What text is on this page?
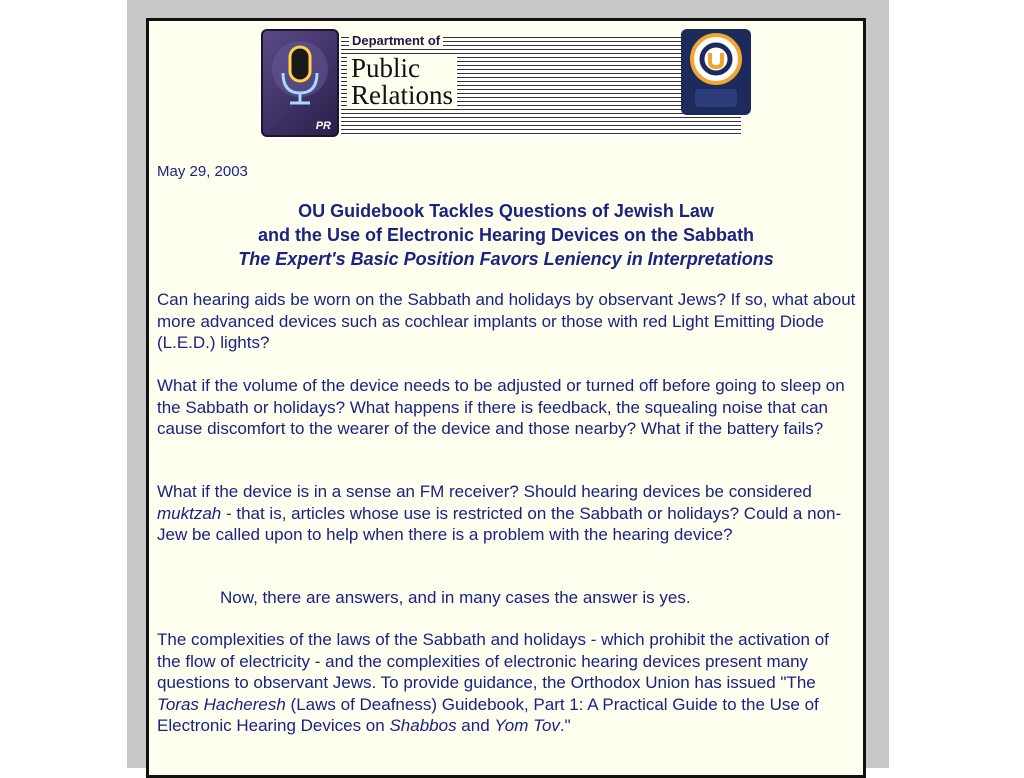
PR
Department of
Public
Relations
May 29, 2003
OU Guidebook Tackles Questions of Jewish Law
and the Use of Electronic Hearing Devices on the Sabbath
The Expert's Basic Position Favors Leniency in Interpretations
Can hearing aids be worn on the Sabbath and holidays by observant Jews? If so, what about more advanced devices such as cochlear implants or those with red Light Emitting Diode (L.E.D.) lights?
What if the volume of the device needs to be adjusted or turned off before going to sleep on the Sabbath or holidays? What happens if there is feedback, the squealing noise that can cause discomfort to the wearer of the device and those nearby? What if the battery fails?
What if the device is in a sense an FM receiver? Should hearing devices be considered muktzah - that is, articles whose use is restricted on the Sabbath or holidays? Could a non-Jew be called upon to help when there is a problem with the hearing device?
Now, there are answers, and in many cases the answer is yes.
The complexities of the laws of the Sabbath and holidays - which prohibit the activation of the flow of electricity - and the complexities of electronic hearing devices present many questions to observant Jews. To provide guidance, the Orthodox Union has issued "The Toras Hacheresh (Laws of Deafness) Guidebook, Part 1: A Practical Guide to the Use of Electronic Hearing Devices on Shabbos and Yom Tov."
